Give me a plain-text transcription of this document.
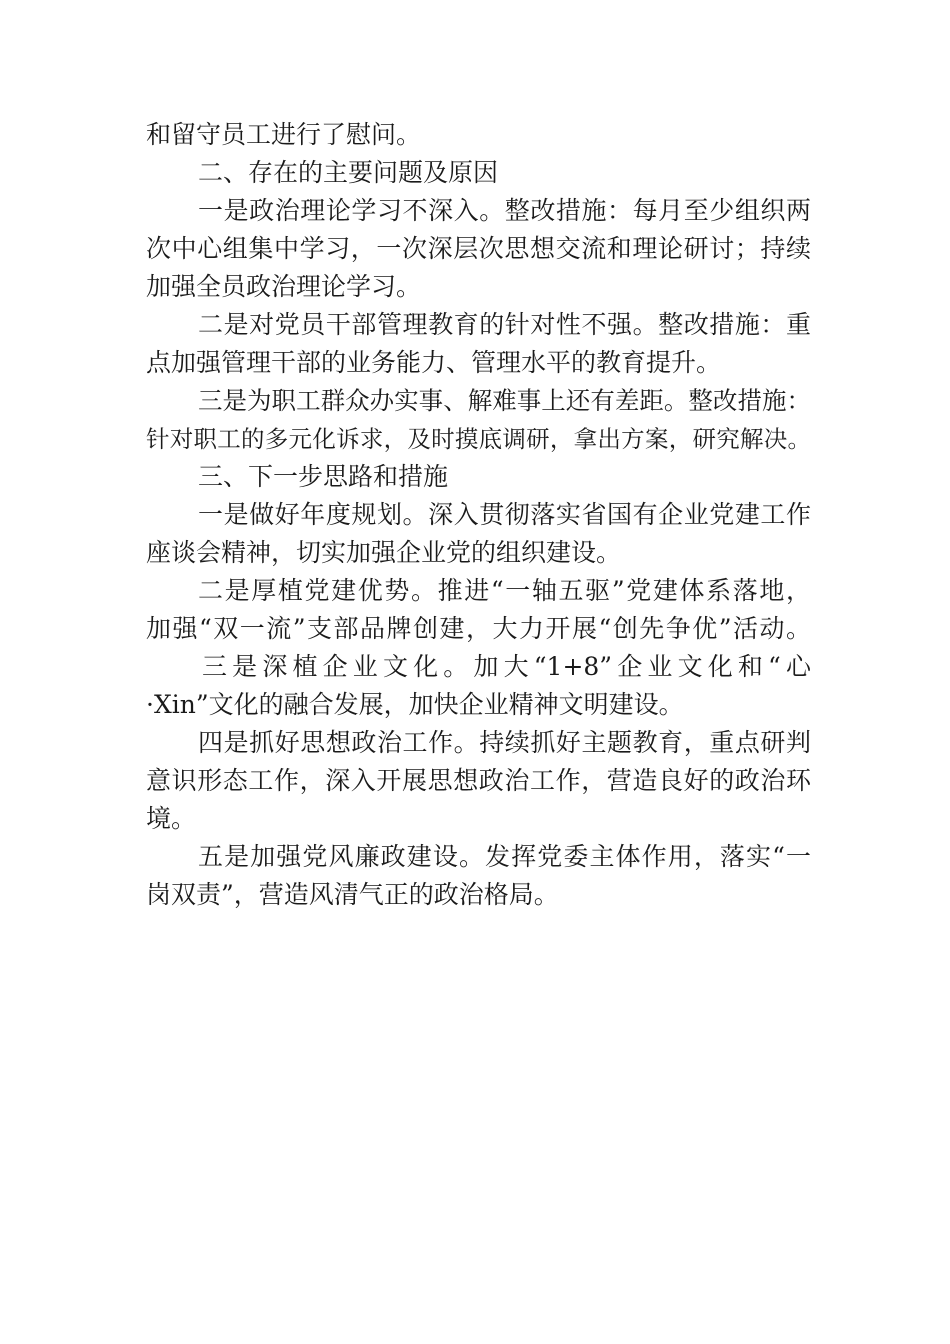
和留守员工进行了慰问。
二、存在的主要问题及原因
一是政治理论学习不深入。整改措施：每月至少组织两
次中心组集中学习，一次深层次思想交流和理论研讨；持续
加强全员政治理论学习。
二是对党员干部管理教育的针对性不强。整改措施：重
点加强管理干部的业务能力、管理水平的教育提升。
三是为职工群众办实事、解难事上还有差距。整改措施：
针对职工的多元化诉求，及时摸底调研，拿出方案，研究解决。
三、下一步思路和措施
一是做好年度规划。深入贯彻落实省国有企业党建工作
座谈会精神，切实加强企业党的组织建设。
二是厚植党建优势。推进“一轴五驱”党建体系落地，
加强“双一流”支部品牌创建，大力开展“创先争优”活动。
三是深植企业文化。加大“1+8”企业文化和“心
·Xin”文化的融合发展，加快企业精神文明建设。
四是抓好思想政治工作。持续抓好主题教育，重点研判
意识形态工作，深入开展思想政治工作，营造良好的政治环
境。
五是加强党风廉政建设。发挥党委主体作用，落实“一
岗双责”，营造风清气正的政治格局。
